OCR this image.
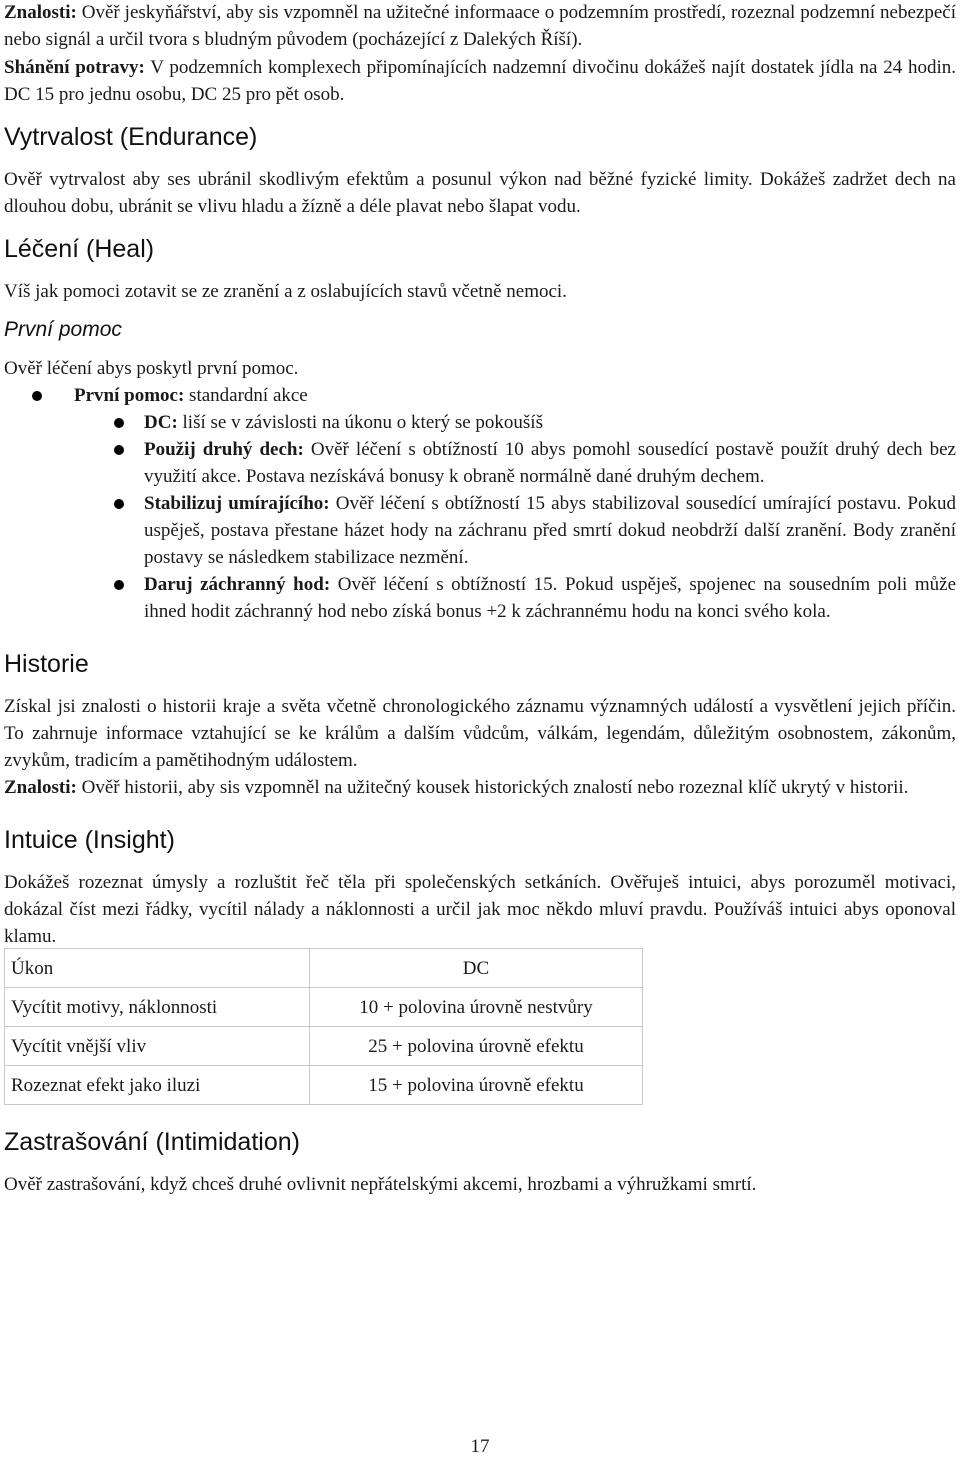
Znalosti: Ověř jeskyňářství, aby sis vzpomněl na užitečné informaace o podzemním prostředí, rozeznal podzemní nebezpečí nebo signál a určil tvora s bludným původem (pocházející z Dalekých Říší).

Shánění potravy: V podzemních komplexech připomínajících nadzemní divočinu dokážeš najít dostatek jídla na 24 hodin. DC 15 pro jednu osobu, DC 25 pro pět osob.

Vytrvalost (Endurance)

Ověř vytrvalost aby ses ubránil skodlivým efektům a posunul výkon nad běžné fyzické limity. Dokážeš zadržet dech na dlouhou dobu, ubránit se vlivu hladu a žízně a déle plavat nebo šlapat vodu.

Léčení (Heal)

Víš jak pomoci zotavit se ze zranění a z oslabujících stavů včetně nemoci.

První pomoc

Ověř léčení abys poskytl první pomoc.

První pomoc: standardní akce
DC: liší se v závislosti na úkonu o který se pokoušíš
Použij druhý dech: Ověř léčení s obtížností 10 abys pomohl sousedící postavě použít druhý dech bez využití akce. Postava nezískává bonusy k obraně normálně dané druhým dechem.
Stabilizuj umírajícího: Ověř léčení s obtížností 15 abys stabilizoval sousedící umírající postavu. Pokud uspěješ, postava přestane házet hody na záchranu před smrtí dokud neobdrží další zranění. Body zranění postavy se následkem stabilizace nezmění.
Daruj záchranný hod: Ověř léčení s obtížností 15. Pokud uspěješ, spojenec na sousedním poli může ihned hodit záchranný hod nebo získá bonus +2 k záchrannému hodu na konci svého kola.
Historie

Získal jsi znalosti o historii kraje a světa včetně chronologického záznamu významných událostí a vysvětlení jejich příčin. To zahrnuje informace vztahující se ke králům a dalším vůdcům, válkám, legendám, důležitým osobnostem, zákonům, zvykům, tradicím a pamětihodným událostem.

Znalosti: Ověř historii, aby sis vzpomněl na užitečný kousek historických znalostí nebo rozeznal klíč ukrytý v historii.

Intuice (Insight)

Dokážeš rozeznat úmysly a rozluštit řeč těla při společenských setkáních. Ověřuješ intuici, abys porozuměl motivaci, dokázal číst mezi řádky, vycítil nálady a náklonnosti a určil jak moc někdo mluví pravdu. Používáš intuici abys oponoval klamu.

Úkon	DC
Vycítit motivy, náklonnosti	10 + polovina úrovně nestvůry
Vycítit vnější vliv	25 + polovina úrovně efektu
Rozeznat efekt jako iluzi	15 + polovina úrovně efektu
Zastrašování (Intimidation)

Ověř zastrašování, když chceš druhé ovlivnit nepřátelskými akcemi, hrozbami a výhružkami smrtí.

17
